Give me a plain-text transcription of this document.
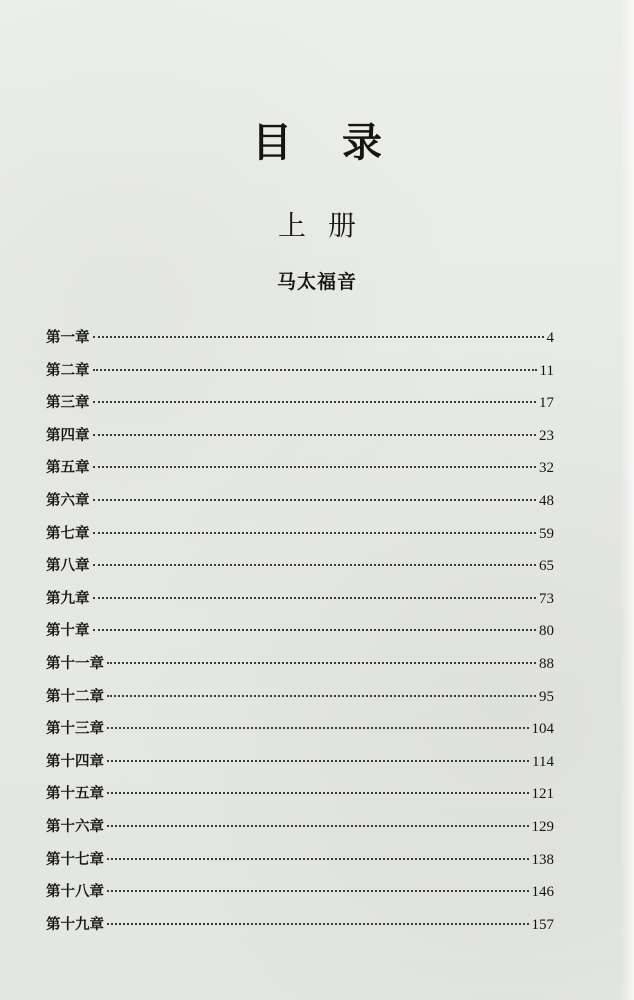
目录
上册
马太福音
第一章	4
第二章	11
第三章	17
第四章	23
第五章	32
第六章	48
第七章	59
第八章	65
第九章	73
第十章	80
第十一章	88
第十二章	95
第十三章	104
第十四章	114
第十五章	121
第十六章	129
第十七章	138
第十八章	146
第十九章	157
